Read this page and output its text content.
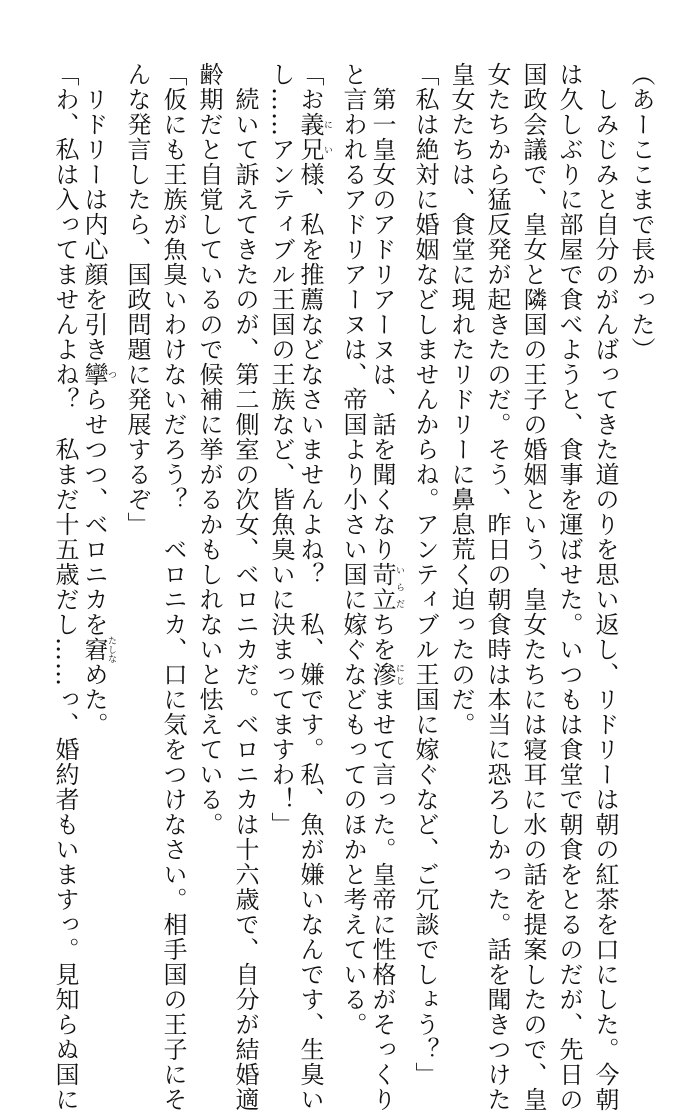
（あーここまで長かった）
　しみじみと自分のがんばってきた道のりを思い返し、リドリーは朝の紅茶を口にした。今朝
は久しぶりに部屋で食べようと、食事を運ばせた。いつもは食堂で朝食をとるのだが、先日の
国政会議で、皇女と隣国の王子の婚姻という、皇女たちには寝耳に水の話を提案したので、皇
女たちから猛反発が起きたのだ。そう、昨日の朝食時は本当に恐ろしかった。話を聞きつけた
皇女たちは、食堂に現れたリドリーに鼻息荒く迫ったのだ。
「私は絶対に婚姻などしませんからね。アンティブル王国に嫁ぐなど、ご冗談でしょう？」
　第一皇女のアドリアーヌは、話を聞くなり苛立いらだちを滲にじませて言った。皇帝に性格がそっくり
と言われるアドリアーヌは、帝国より小さい国に嫁ぐなどもってのほかと考えている。
「お義兄にい様、私を推薦などなさいませんよね？　私、嫌です。私、魚が嫌いなんです、生臭い
し……アンティブル王国の王族など、皆魚臭いに決まってますわ！」
　続いて訴えてきたのが、第二側室の次女、ベロニカだ。ベロニカは十六歳で、自分が結婚適
齢期だと自覚しているので候補に挙がるかもしれないと怯えている。
「仮にも王族が魚臭いわけないだろう？　ベロニカ、口に気をつけなさい。相手国の王子にそ
んな発言したら、国政問題に発展するぞ」
　リドリーは内心顔を引き攣つらせつつ、ベロニカを窘たしなめた。
「わ、私は入ってませんよね？　私まだ十五歳だし……っ、婚約者もいますっ。見知らぬ国に
